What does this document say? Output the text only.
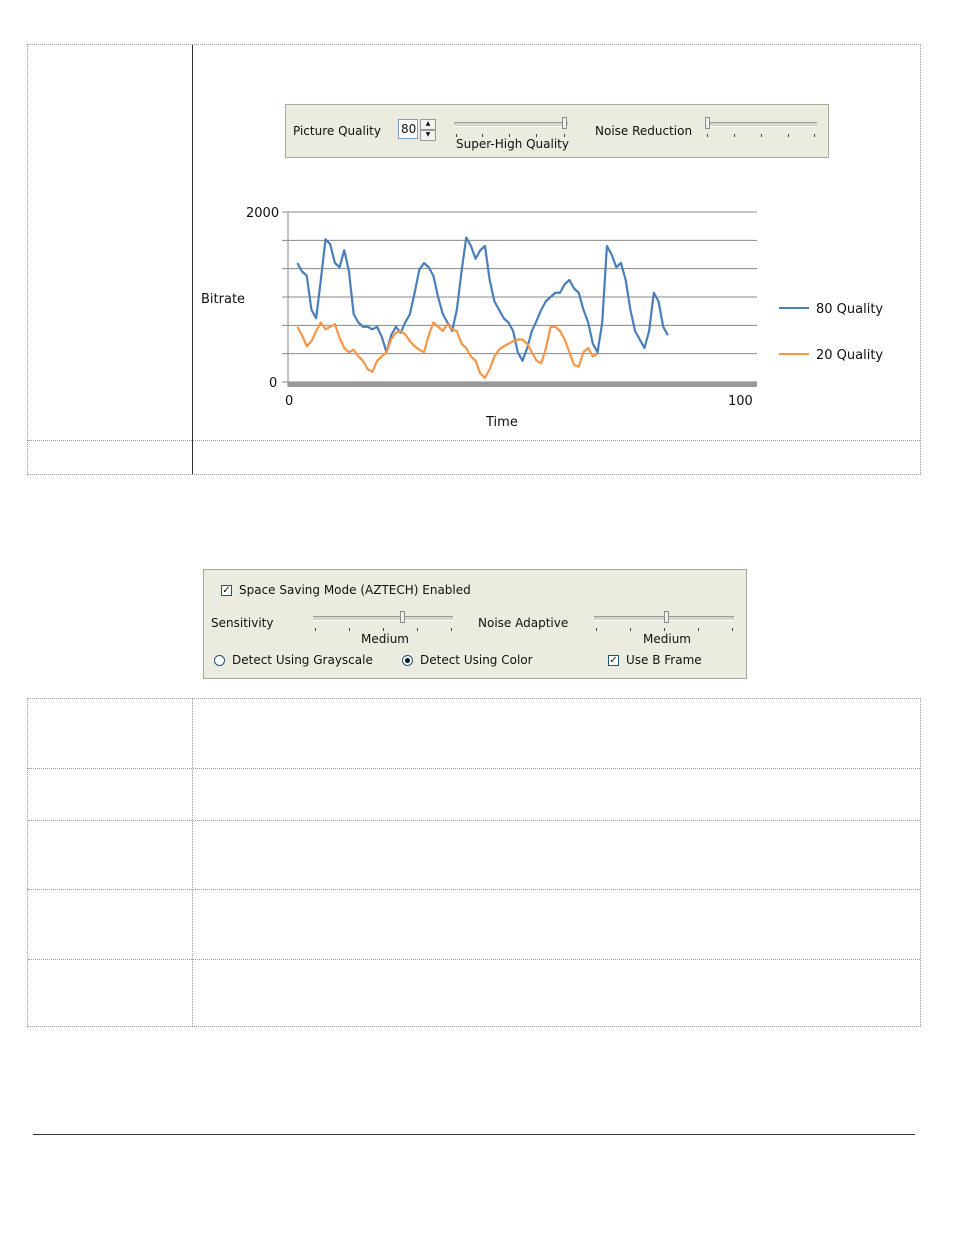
Picture Quality 80	▲
▼
Super-High Quality
Noise Reduction
Bitrate
Time
2000
0
0	100
80 Quality
20 Quality
✓ Space Saving Mode (AZTECH) Enabled
Sensitivity
Medium
Noise Adaptive
Medium
Detect Using Grayscale	Detect Using Color	✓ Use B Frame
